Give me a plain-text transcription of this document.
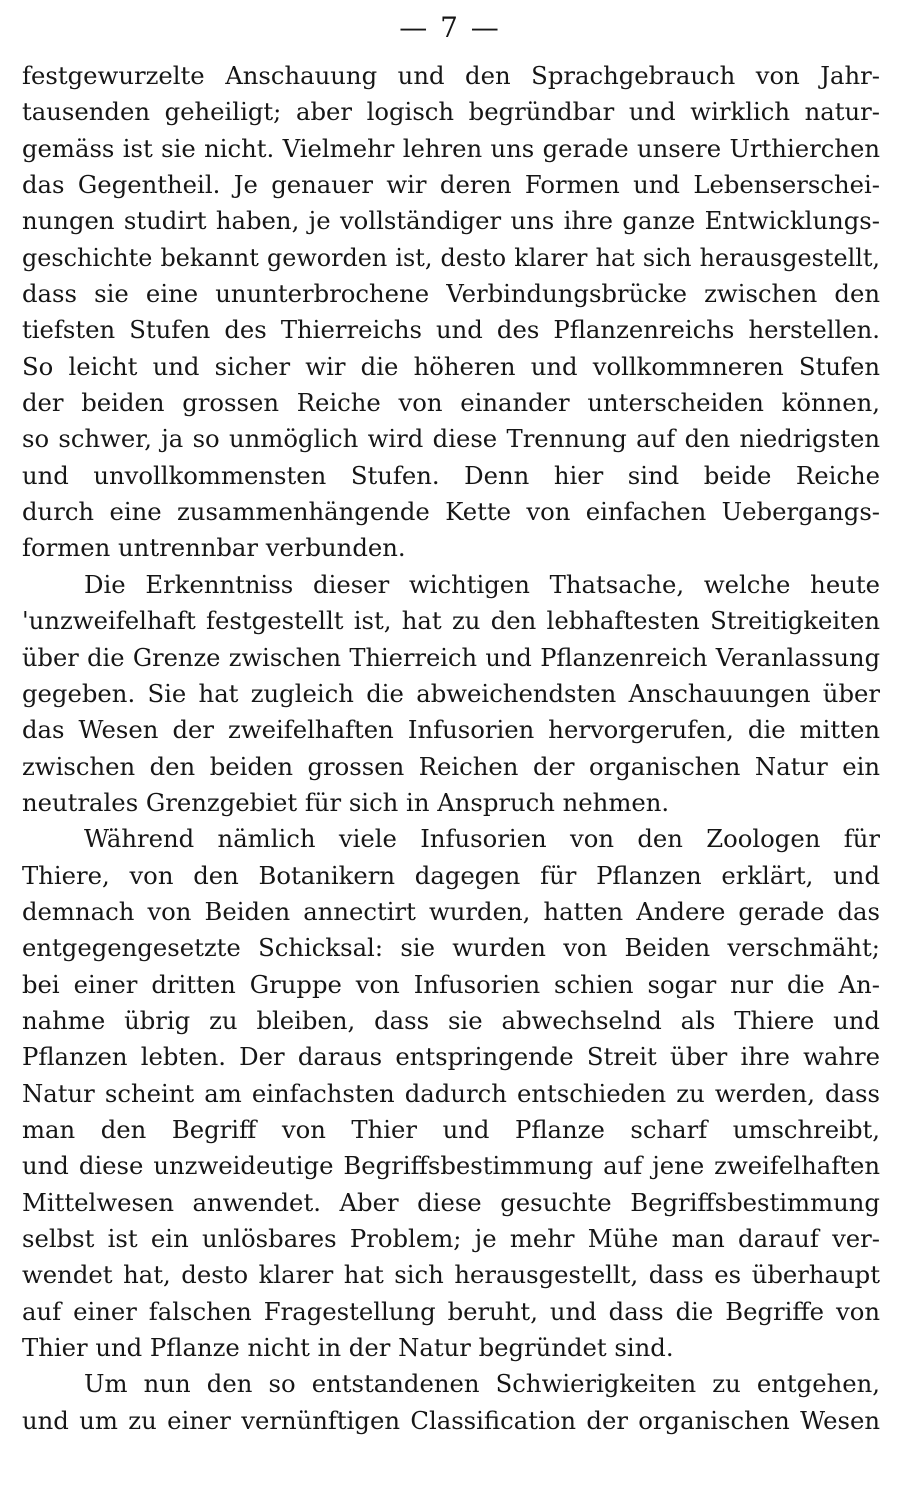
— 7 —
festgewurzelte Anschauung und den Sprachgebrauch von Jahr-
tausenden geheiligt; aber logisch begründbar und wirklich natur-
gemäss ist sie nicht. Vielmehr lehren uns gerade unsere Urthierchen
das Gegentheil. Je genauer wir deren Formen und Lebenserschei-
nungen studirt haben, je vollständiger uns ihre ganze Entwicklungs-
geschichte bekannt geworden ist, desto klarer hat sich herausgestellt,
dass sie eine ununterbrochene Verbindungsbrücke zwischen den
tiefsten Stufen des Thierreichs und des Pflanzenreichs herstellen.
So leicht und sicher wir die höheren und vollkommneren Stufen
der beiden grossen Reiche von einander unterscheiden können,
so schwer, ja so unmöglich wird diese Trennung auf den niedrigsten
und unvollkommensten Stufen. Denn hier sind beide Reiche
durch eine zusammenhängende Kette von einfachen Uebergangs-
formen untrennbar verbunden.
Die Erkenntniss dieser wichtigen Thatsache, welche heute
'unzweifelhaft festgestellt ist, hat zu den lebhaftesten Streitigkeiten
über die Grenze zwischen Thierreich und Pflanzenreich Veranlassung
gegeben. Sie hat zugleich die abweichendsten Anschauungen über
das Wesen der zweifelhaften Infusorien hervorgerufen, die mitten
zwischen den beiden grossen Reichen der organischen Natur ein
neutrales Grenzgebiet für sich in Anspruch nehmen.
Während nämlich viele Infusorien von den Zoologen für
Thiere, von den Botanikern dagegen für Pflanzen erklärt, und
demnach von Beiden annectirt wurden, hatten Andere gerade das
entgegengesetzte Schicksal: sie wurden von Beiden verschmäht;
bei einer dritten Gruppe von Infusorien schien sogar nur die An-
nahme übrig zu bleiben, dass sie abwechselnd als Thiere und
Pflanzen lebten. Der daraus entspringende Streit über ihre wahre
Natur scheint am einfachsten dadurch entschieden zu werden, dass
man den Begriff von Thier und Pflanze scharf umschreibt,
und diese unzweideutige Begriffsbestimmung auf jene zweifelhaften
Mittelwesen anwendet. Aber diese gesuchte Begriffsbestimmung
selbst ist ein unlösbares Problem; je mehr Mühe man darauf ver-
wendet hat, desto klarer hat sich herausgestellt, dass es überhaupt
auf einer falschen Fragestellung beruht, und dass die Begriffe von
Thier und Pflanze nicht in der Natur begründet sind.
Um nun den so entstandenen Schwierigkeiten zu entgehen,
und um zu einer vernünftigen Classification der organischen Wesen
